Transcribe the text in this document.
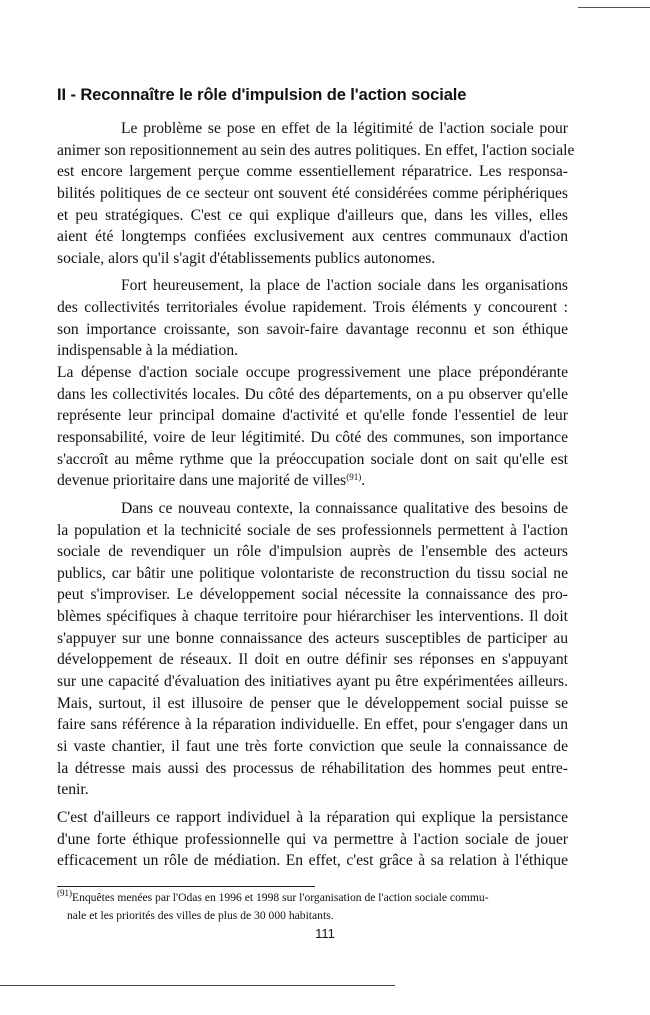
II - Reconnaître le rôle d'impulsion de l'action sociale
Le problème se pose en effet de la légitimité de l'action sociale pour
animer son repositionnement au sein des autres politiques. En effet, l'action sociale
est encore largement perçue comme essentiellement réparatrice. Les responsa-
bilités politiques de ce secteur ont souvent été considérées comme périphériques
et peu stratégiques. C'est ce qui explique d'ailleurs que, dans les villes, elles
aient été longtemps confiées exclusivement aux centres communaux d'action
sociale, alors qu'il s'agit d'établissements publics autonomes.
Fort heureusement, la place de l'action sociale dans les organisations
des collectivités territoriales évolue rapidement. Trois éléments y concourent :
son importance croissante, son savoir-faire davantage reconnu et son éthique
indispensable à la médiation.
La dépense d'action sociale occupe progressivement une place prépondérante
dans les collectivités locales. Du côté des départements, on a pu observer qu'elle
représente leur principal domaine d'activité et qu'elle fonde l'essentiel de leur
responsabilité, voire de leur légitimité. Du côté des communes, son importance
s'accroît au même rythme que la préoccupation sociale dont on sait qu'elle est
devenue prioritaire dans une majorité de villes$^{(91)}$.
Dans ce nouveau contexte, la connaissance qualitative des besoins de
la population et la technicité sociale de ses professionnels permettent à l'action
sociale de revendiquer un rôle d'impulsion auprès de l'ensemble des acteurs
publics, car bâtir une politique volontariste de reconstruction du tissu social ne
peut s'improviser. Le développement social nécessite la connaissance des pro-
blèmes spécifiques à chaque territoire pour hiérarchiser les interventions. Il doit
s'appuyer sur une bonne connaissance des acteurs susceptibles de participer au
développement de réseaux. Il doit en outre définir ses réponses en s'appuyant
sur une capacité d'évaluation des initiatives ayant pu être expérimentées ailleurs.
Mais, surtout, il est illusoire de penser que le développement social puisse se
faire sans référence à la réparation individuelle. En effet, pour s'engager dans un
si vaste chantier, il faut une très forte conviction que seule la connaissance de
la détresse mais aussi des processus de réhabilitation des hommes peut entre-
tenir.
C'est d'ailleurs ce rapport individuel à la réparation qui explique la persistance
d'une forte éthique professionnelle qui va permettre à l'action sociale de jouer
efficacement un rôle de médiation. En effet, c'est grâce à sa relation à l'éthique
$^{(91)}$Enquêtes menées par l'Odas en 1996 et 1998 sur l'organisation de l'action sociale commu-
nale et les priorités des villes de plus de 30 000 habitants.
111
